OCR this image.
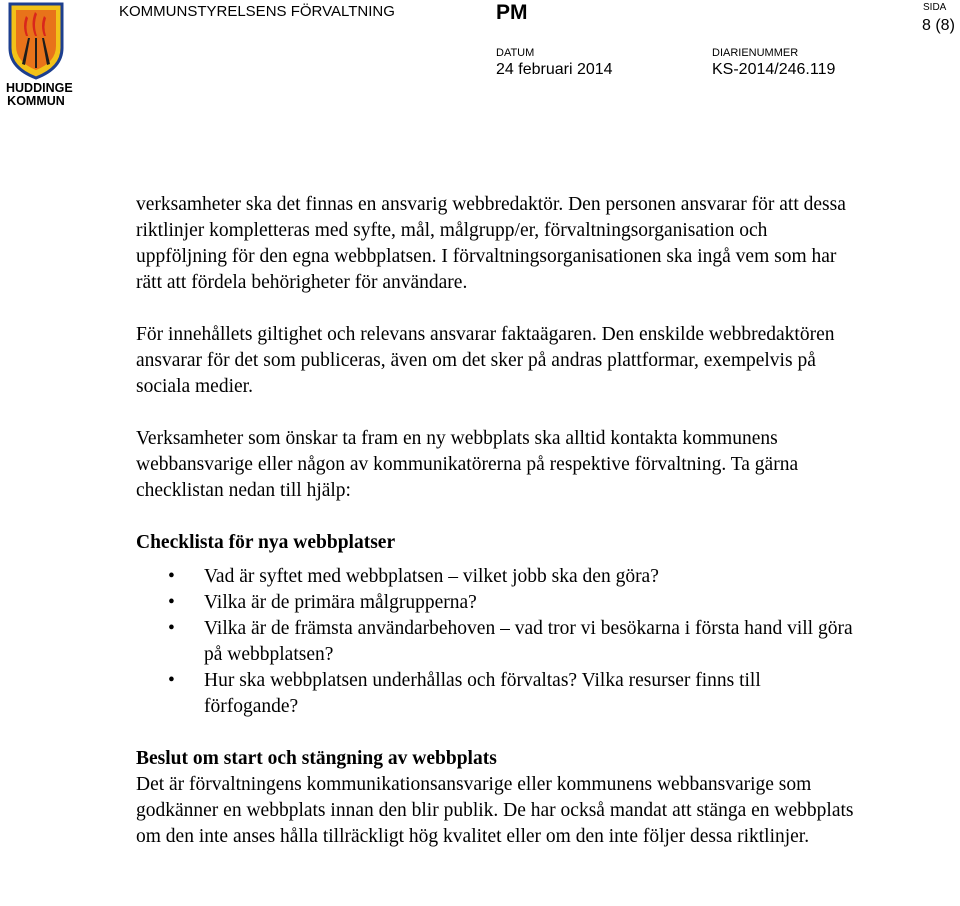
HUDDINGE
KOMMUN
KOMMUNSTYRELSENS FÖRVALTNING	PM	SIDA
8 (8)
DATUM
24 februari 2014
DIARIENUMMER
KS-2014/246.119

verksamheter ska det finnas en ansvarig webbredaktör. Den personen ansvarar för att dessa riktlinjer kompletteras med syfte, mål, målgrupp/er, förvaltningsorganisation och uppföljning för den egna webbplatsen. I förvaltningsorganisationen ska ingå vem som har rätt att fördela behörigheter för användare.

För innehållets giltighet och relevans ansvarar faktaägaren. Den enskilde webbredaktören ansvarar för det som publiceras, även om det sker på andras plattformar, exempelvis på sociala medier.

Verksamheter som önskar ta fram en ny webbplats ska alltid kontakta kommunens webbansvarige eller någon av kommunikatörerna på respektive förvaltning. Ta gärna checklistan nedan till hjälp:

Checklista för nya webbplatser

• Vad är syftet med webbplatsen – vilket jobb ska den göra?
• Vilka är de primära målgrupperna?
• Vilka är de främsta användarbehoven – vad tror vi besökarna i första hand vill göra på webbplatsen?
• Hur ska webbplatsen underhållas och förvaltas? Vilka resurser finns till förfogande?

Beslut om start och stängning av webbplats

Det är förvaltningens kommunikationsansvarige eller kommunens webbansvarige som godkänner en webbplats innan den blir publik. De har också mandat att stänga en webbplats om den inte anses hålla tillräckligt hög kvalitet eller om den inte följer dessa riktlinjer.
